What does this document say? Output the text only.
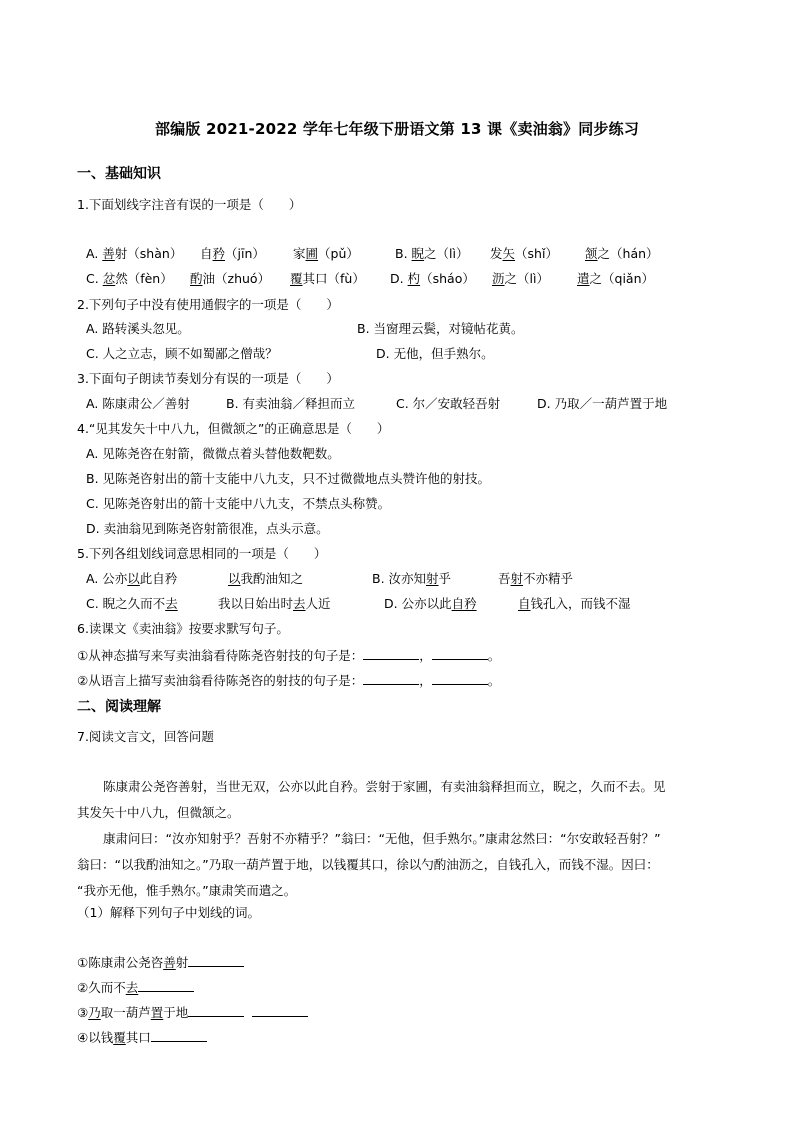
部编版 2021-2022 学年七年级下册语文第 13 课《卖油翁》同步练习
一、基础知识
1.下面划线字注音有误的一项是（　　）
A. 善射（shàn） 自矜（jīn） 家圃（pǔ）	B. 睨之（lì） 发矢（shǐ） 颔之（hán）
C. 忿然（fèn） 酌油（zhuó） 覆其口（fù） D. 杓（sháo） 沥之（lì） 遣之（qiǎn）
2.下列句子中没有使用通假字的一项是（　　）
A. 路转溪头忽见。	B. 当窗理云鬓，对镜帖花黄。
C. 人之立志，顾不如蜀鄙之僧哉？	D. 无他，但手熟尔。
3.下面句子朗读节奏划分有误的一项是（　　）
A. 陈康肃公／善射	B. 有卖油翁／释担而立	C. 尔／安敢轻吾射	D. 乃取／一葫芦置于地
4.“见其发矢十中八九，但微颔之”的正确意思是（　　）
A. 见陈尧咨在射箭，微微点着头替他数靶数。
B. 见陈尧咨射出的箭十支能中八九支，只不过微微地点头赞许他的射技。
C. 见陈尧咨射出的箭十支能中八九支，不禁点头称赞。
D. 卖油翁见到陈尧咨射箭很准，点头示意。
5.下列各组划线词意思相同的一项是（　　）
A. 公亦以此自矜	以我酌油知之	B. 汝亦知射乎	吾射不亦精乎
C. 睨之久而不去	我以日始出时去人近	D. 公亦以此自矜	自钱孔入，而钱不湿
6.读课文《卖油翁》按要求默写句子。
①从神态描写来写卖油翁看待陈尧咨射技的句子是：	，	。
②从语言上描写卖油翁看待陈尧咨的射技的句子是：	，	。
二、阅读理解
7.阅读文言文，回答问题
陈康肃公尧咨善射，当世无双，公亦以此自矜。尝射于家圃，有卖油翁释担而立，睨之，久而不去。见
其发矢十中八九，但微颔之。
康肃问曰：“汝亦知射乎？吾射不亦精乎？”翁曰：“无他，但手熟尔。”康肃忿然曰：“尔安敢轻吾射？”
翁曰：“以我酌油知之。”乃取一葫芦置于地，以钱覆其口，徐以勺酌油沥之，自钱孔入，而钱不湿。因曰：
“我亦无他，惟手熟尔。”康肃笑而遣之。
（1）解释下列句子中划线的词。
①陈康肃公尧咨善射
②久而不去
③乃取一葫芦置于地
④以钱覆其口
